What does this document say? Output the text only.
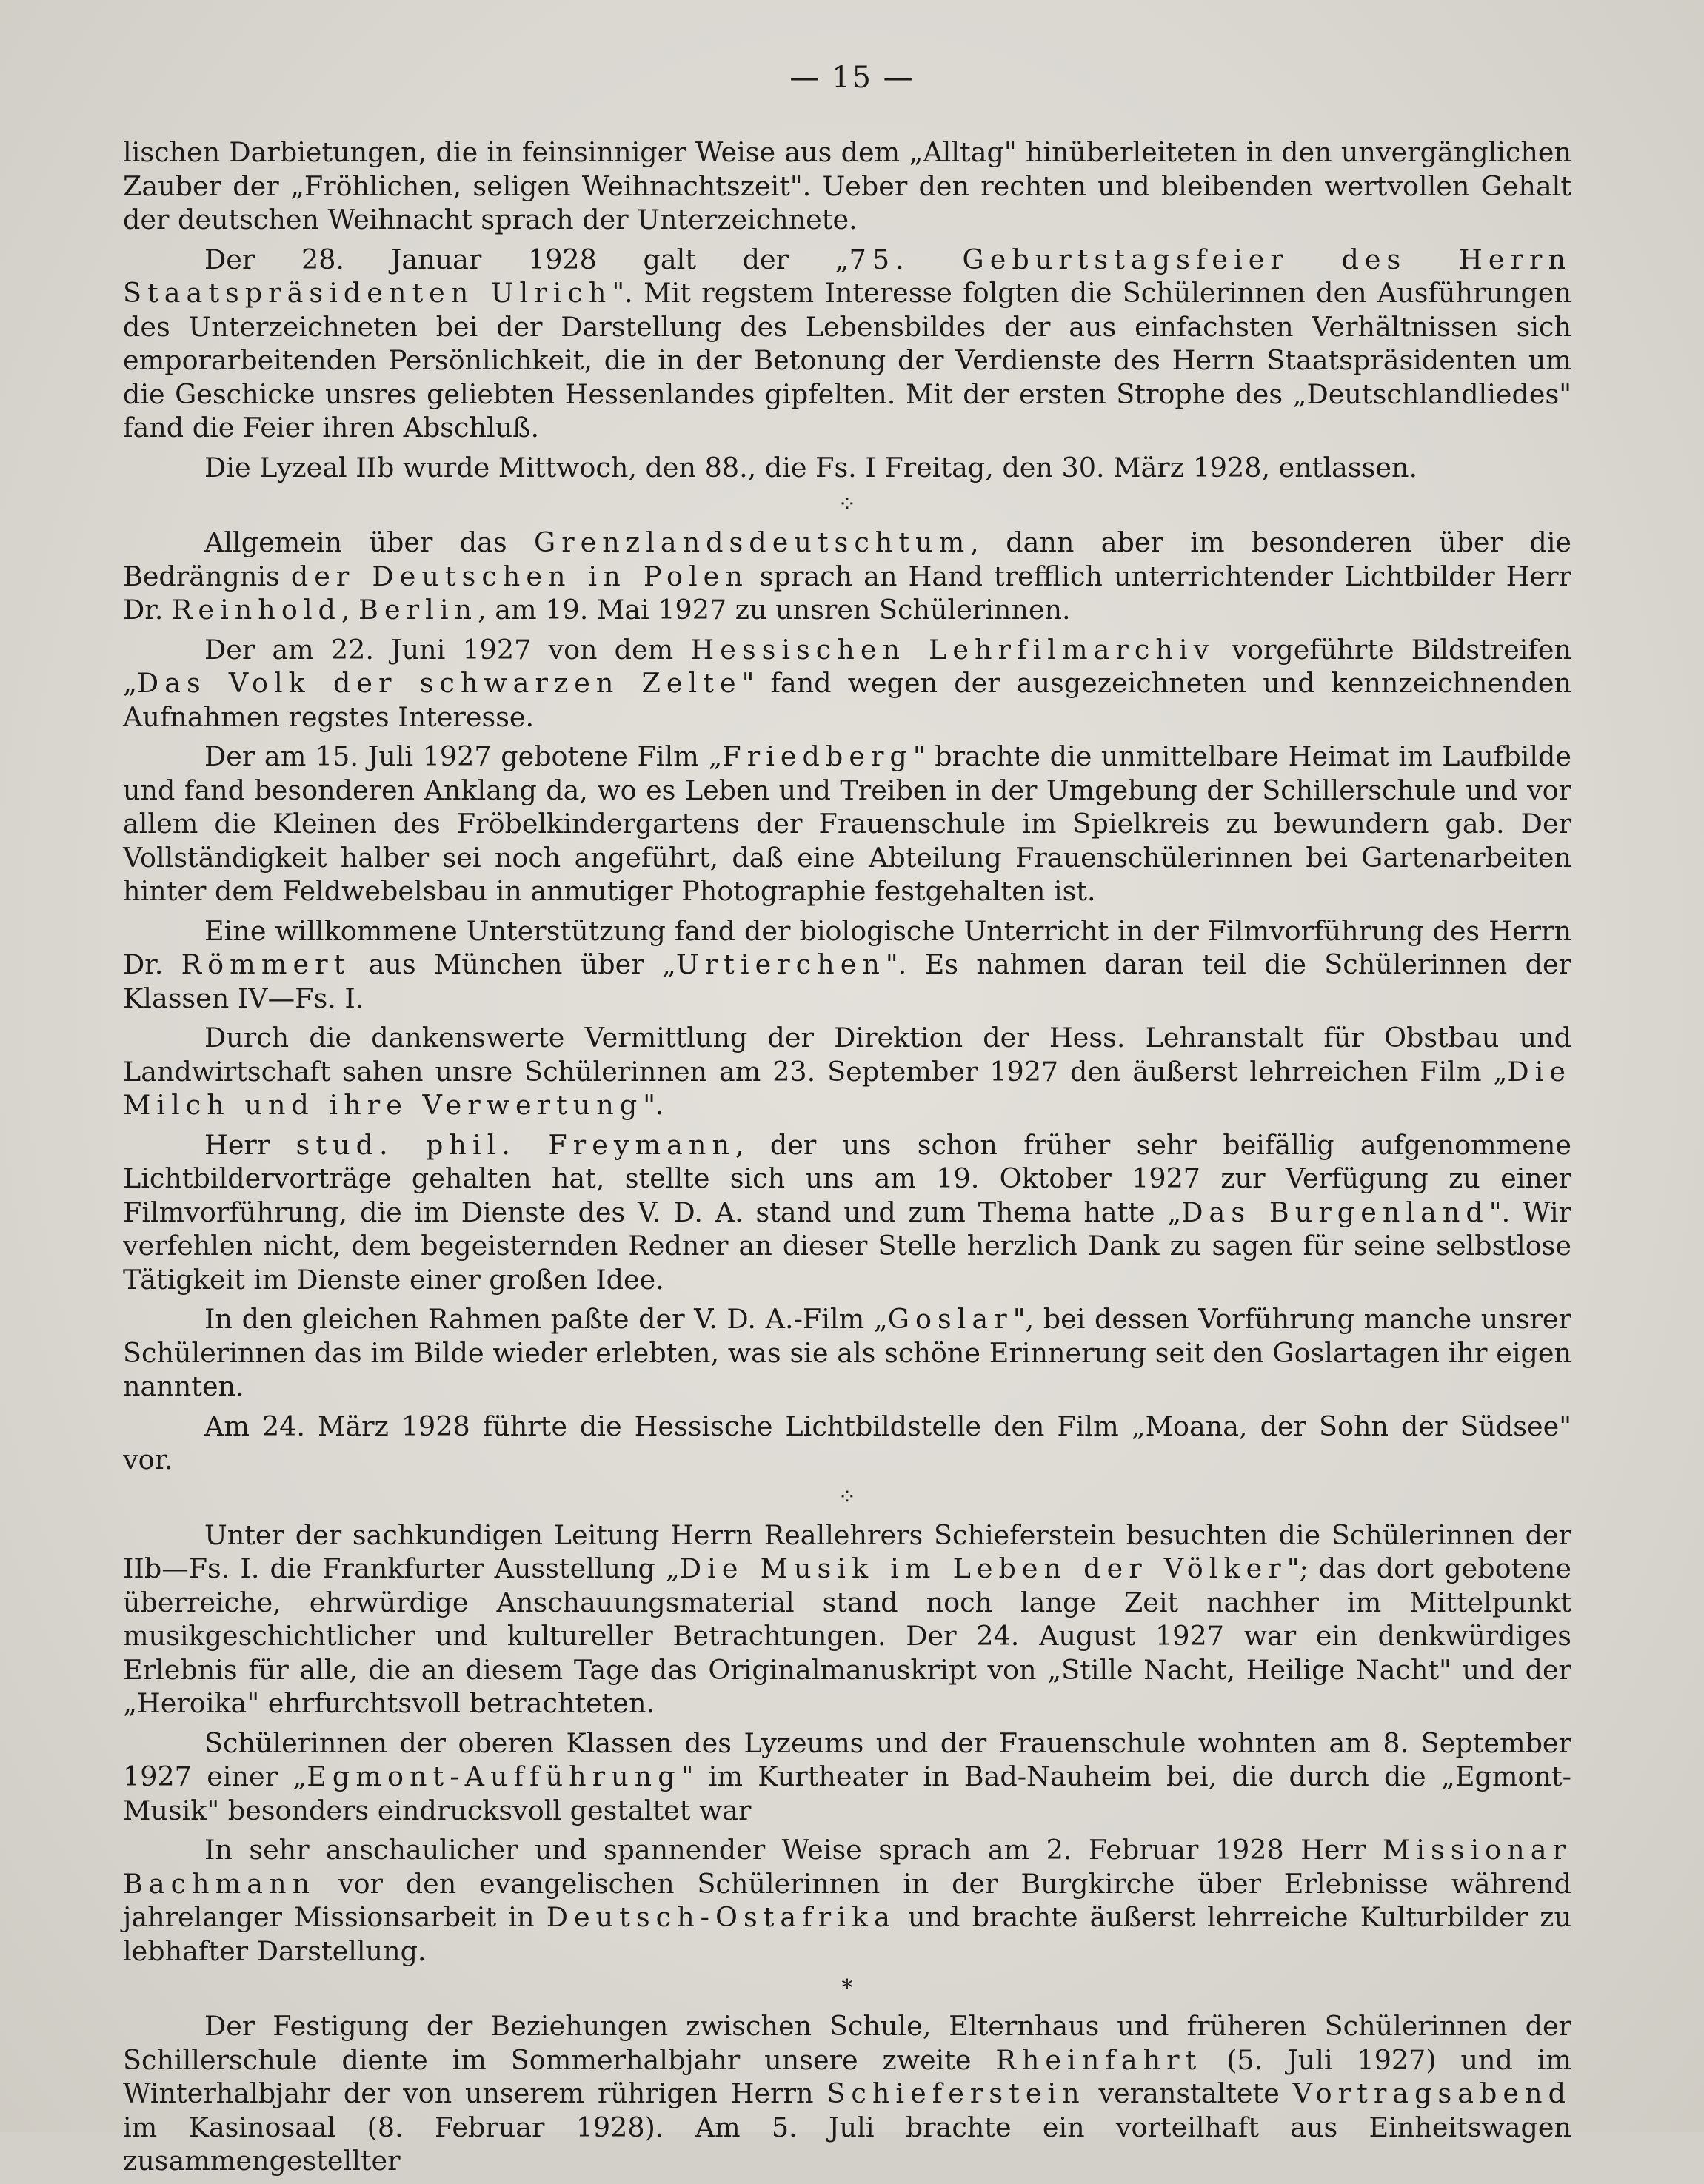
— 15 —

lischen Darbietungen, die in feinsinniger Weise aus dem „Alltag" hinüberleiteten in den unvergänglichen Zauber der „Fröhlichen, seligen Weihnachtszeit". Ueber den rechten und bleibenden wertvollen Gehalt der deutschen Weihnacht sprach der Unterzeichnete.

Der 28. Januar 1928 galt der „75. Geburtstagsfeier des Herrn Staatspräsidenten Ulrich". Mit regstem Interesse folgten die Schülerinnen den Ausführungen des Unterzeichneten bei der Darstellung des Lebensbildes der aus einfachsten Verhältnissen sich emporarbeitenden Persönlichkeit, die in der Betonung der Verdienste des Herrn Staatspräsidenten um die Geschicke unsres geliebten Hessenlandes gipfelten. Mit der ersten Strophe des „Deutschlandliedes" fand die Feier ihren Abschluß.

Die Lyzeal IIb wurde Mittwoch, den 88., die Fs. I Freitag, den 30. März 1928, entlassen.

⁘

Allgemein über das Grenzlandsdeutschtum, dann aber im besonderen über die Bedrängnis der Deutschen in Polen sprach an Hand trefflich unterrichtender Lichtbilder Herr Dr. Reinhold, Berlin, am 19. Mai 1927 zu unsren Schülerinnen.

Der am 22. Juni 1927 von dem Hessischen Lehrfilmarchiv vorgeführte Bildstreifen „Das Volk der schwarzen Zelte" fand wegen der ausgezeichneten und kennzeichnenden Aufnahmen regstes Interesse.

Der am 15. Juli 1927 gebotene Film „Friedberg" brachte die unmittelbare Heimat im Laufbilde und fand besonderen Anklang da, wo es Leben und Treiben in der Umgebung der Schillerschule und vor allem die Kleinen des Fröbelkindergartens der Frauenschule im Spielkreis zu bewundern gab. Der Vollständigkeit halber sei noch angeführt, daß eine Abteilung Frauenschülerinnen bei Gartenarbeiten hinter dem Feldwebelsbau in anmutiger Photographie festgehalten ist.

Eine willkommene Unterstützung fand der biologische Unterricht in der Filmvorführung des Herrn Dr. Römmert aus München über „Urtierchen". Es nahmen daran teil die Schülerinnen der Klassen IV—Fs. I.

Durch die dankenswerte Vermittlung der Direktion der Hess. Lehranstalt für Obstbau und Landwirtschaft sahen unsre Schülerinnen am 23. September 1927 den äußerst lehrreichen Film „Die Milch und ihre Verwertung".

Herr stud. phil. Freymann, der uns schon früher sehr beifällig aufgenommene Lichtbildervorträge gehalten hat, stellte sich uns am 19. Oktober 1927 zur Verfügung zu einer Filmvorführung, die im Dienste des V. D. A. stand und zum Thema hatte „Das Burgenland". Wir verfehlen nicht, dem begeisternden Redner an dieser Stelle herzlich Dank zu sagen für seine selbstlose Tätigkeit im Dienste einer großen Idee.

In den gleichen Rahmen paßte der V. D. A.-Film „Goslar", bei dessen Vorführung manche unsrer Schülerinnen das im Bilde wieder erlebten, was sie als schöne Erinnerung seit den Goslartagen ihr eigen nannten.

Am 24. März 1928 führte die Hessische Lichtbildstelle den Film „Moana, der Sohn der Südsee" vor.

⁘

Unter der sachkundigen Leitung Herrn Reallehrers Schieferstein besuchten die Schülerinnen der IIb—Fs. I. die Frankfurter Ausstellung „Die Musik im Leben der Völker"; das dort gebotene überreiche, ehrwürdige Anschauungsmaterial stand noch lange Zeit nachher im Mittelpunkt musikgeschichtlicher und kultureller Betrachtungen. Der 24. August 1927 war ein denkwürdiges Erlebnis für alle, die an diesem Tage das Originalmanuskript von „Stille Nacht, Heilige Nacht" und der „Heroika" ehrfurchtsvoll betrachteten.

Schülerinnen der oberen Klassen des Lyzeums und der Frauenschule wohnten am 8. September 1927 einer „Egmont-Aufführung" im Kurtheater in Bad-Nauheim bei, die durch die „Egmont-Musik" besonders eindrucksvoll gestaltet war

In sehr anschaulicher und spannender Weise sprach am 2. Februar 1928 Herr Missionar Bachmann vor den evangelischen Schülerinnen in der Burgkirche über Erlebnisse während jahrelanger Missionsarbeit in Deutsch-Ostafrika und brachte äußerst lehrreiche Kulturbilder zu lebhafter Darstellung.

*

Der Festigung der Beziehungen zwischen Schule, Elternhaus und früheren Schülerinnen der Schillerschule diente im Sommerhalbjahr unsere zweite Rheinfahrt (5. Juli 1927) und im Winterhalbjahr der von unserem rührigen Herrn Schieferstein veranstaltete Vortragsabend im Kasinosaal (8. Februar 1928). Am 5. Juli brachte ein vorteilhaft aus Einheitswagen zusammengestellter
